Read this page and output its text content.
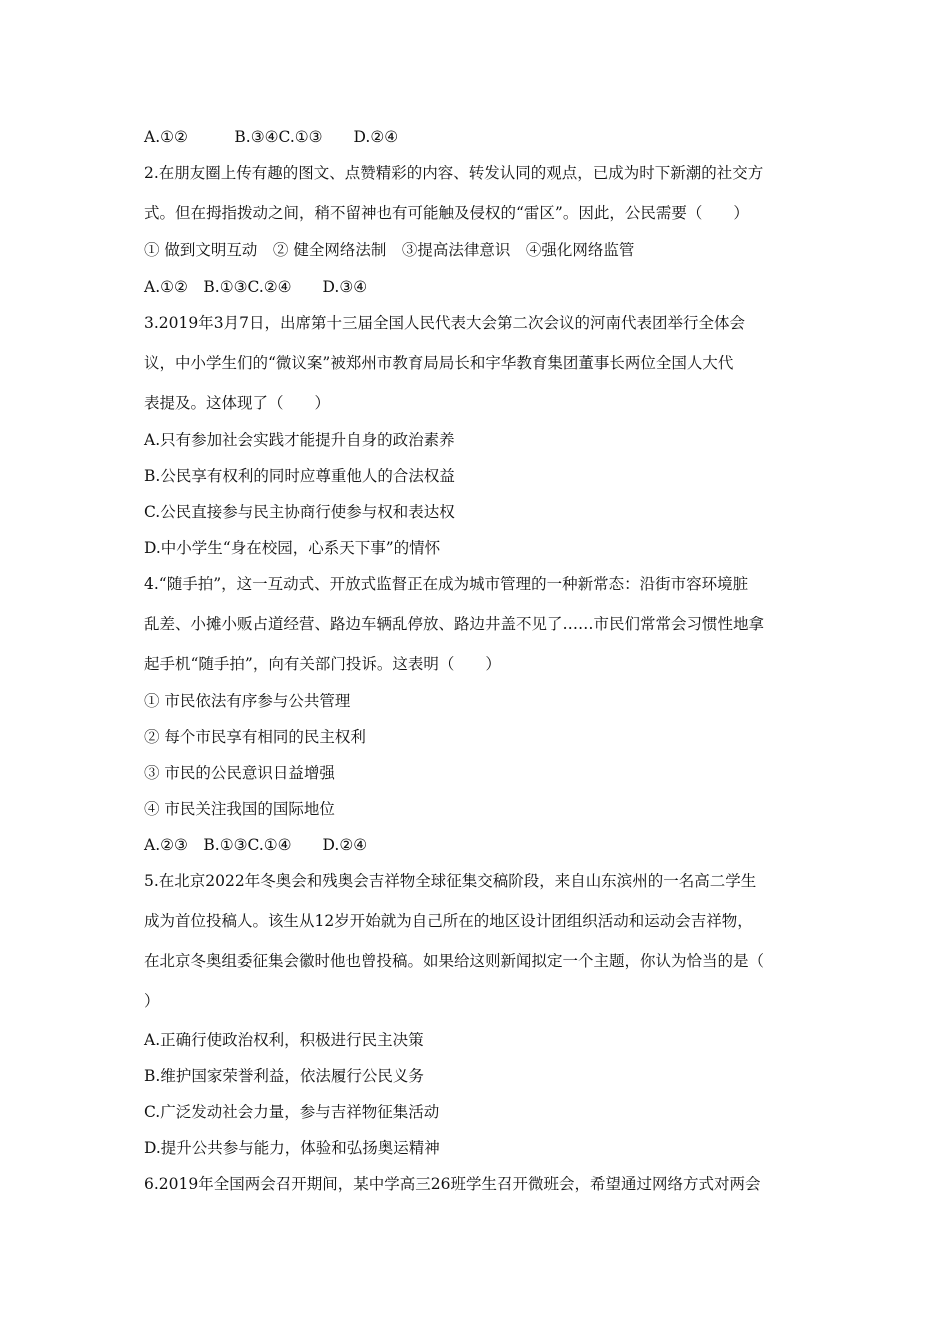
A.①②　　　B.③④C.①③　　D.②④
2.在朋友圈上传有趣的图文、点赞精彩的内容、转发认同的观点，已成为时下新潮的社交方
式。但在拇指拨动之间，稍不留神也有可能触及侵权的“雷区”。因此，公民需要（　　）
① 做到文明互动　② 健全网络法制　③提高法律意识　④强化网络监管
A.①②　B.①③C.②④　　D.③④
3.2019年3月7日，出席第十三届全国人民代表大会第二次会议的河南代表团举行全体会
议，中小学生们的“微议案”被郑州市教育局局长和宇华教育集团董事长两位全国人大代
表提及。这体现了（　　）
A.只有参加社会实践才能提升自身的政治素养
B.公民享有权利的同时应尊重他人的合法权益
C.公民直接参与民主协商行使参与权和表达权
D.中小学生“身在校园，心系天下事”的情怀
4.“随手拍”，这一互动式、开放式监督正在成为城市管理的一种新常态：沿街市容环境脏
乱差、小摊小贩占道经营、路边车辆乱停放、路边井盖不见了……市民们常常会习惯性地拿
起手机“随手拍”，向有关部门投诉。这表明（　　）
① 市民依法有序参与公共管理
② 每个市民享有相同的民主权利
③ 市民的公民意识日益增强
④ 市民关注我国的国际地位
A.②③　B.①③C.①④　　D.②④
5.在北京2022年冬奥会和残奥会吉祥物全球征集交稿阶段，来自山东滨州的一名高二学生
成为首位投稿人。该生从12岁开始就为自己所在的地区设计团组织活动和运动会吉祥物，
在北京冬奥组委征集会徽时他也曾投稿。如果给这则新闻拟定一个主题，你认为恰当的是（
）
A.正确行使政治权利，积极进行民主决策
B.维护国家荣誉利益，依法履行公民义务
C.广泛发动社会力量，参与吉祥物征集活动
D.提升公共参与能力，体验和弘扬奥运精神
6.2019年全国两会召开期间，某中学高三26班学生召开微班会，希望通过网络方式对两会
